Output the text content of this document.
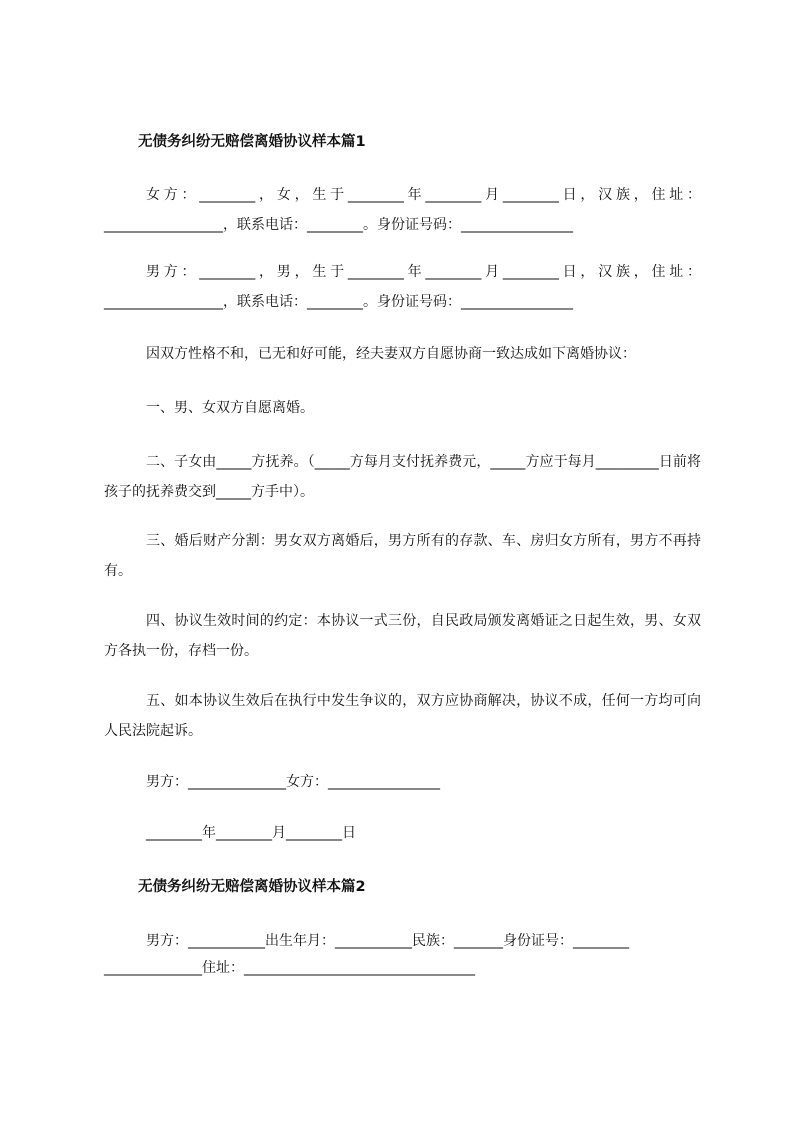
无债务纠纷无赔偿离婚协议样本篇1
女方：________，女，生于________年________月________日，汉族，住址：_________________，联系电话：________。身份证号码：________________
男方：________，男，生于________年________月________日，汉族，住址：_________________，联系电话：________。身份证号码：________________
因双方性格不和，已无和好可能，经夫妻双方自愿协商一致达成如下离婚协议：
一、男、女双方自愿离婚。
二、子女由_____方抚养。（_____方每月支付抚养费元，_____方应于每月_________日前将孩子的抚养费交到_____方手中）。
三、婚后财产分割：男女双方离婚后，男方所有的存款、车、房归女方所有，男方不再持有。
四、协议生效时间的约定：本协议一式三份，自民政局颁发离婚证之日起生效，男、女双方各执一份，存档一份。
五、如本协议生效后在执行中发生争议的，双方应协商解决，协议不成，任何一方均可向人民法院起诉。
男方：______________女方：________________
________年________月________日
无债务纠纷无赔偿离婚协议样本篇2
男方：___________出生年月：___________民族：_______身份证号：________
______________住址：_________________________________
